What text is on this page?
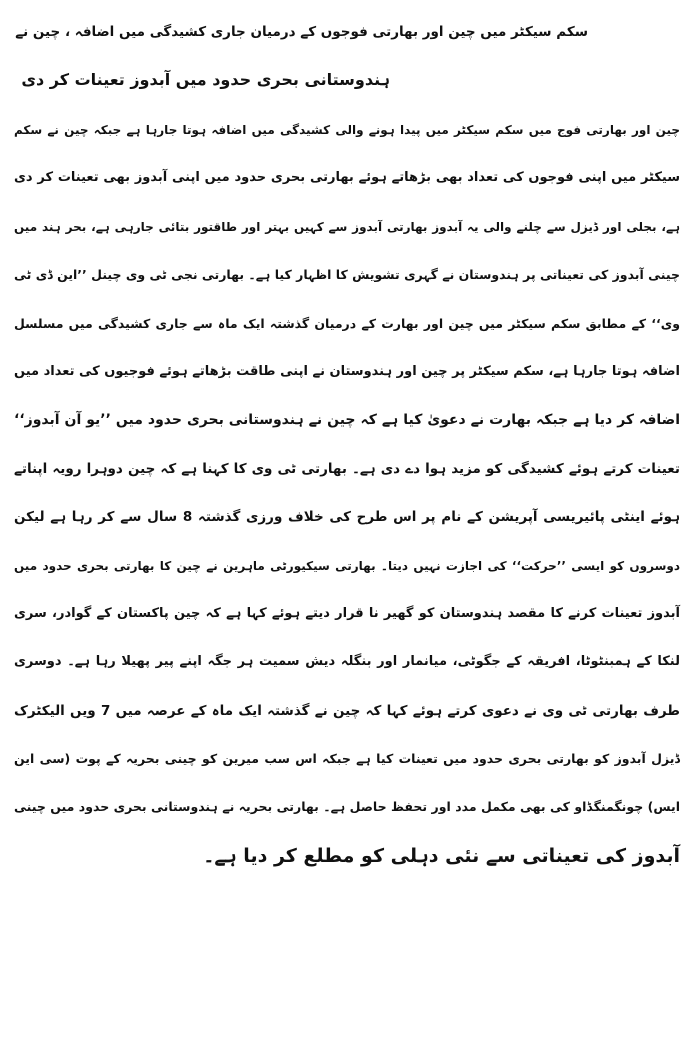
سکم سیکٹر میں چین اور بھارتی فوجوں کے درمیان جاری کشیدگی میں اضافہ ، چین نے
ہندوستانی بحری حدود میں آبدوز تعینات کر دی
چین اور بھارتی فوج میں سکم سیکٹر میں پیدا ہونے والی کشیدگی میں اضافہ ہوتا جارہا ہے جبکہ چین نے سکم
سیکٹر میں اپنی فوجوں کی تعداد بھی بڑھاتے ہوئے بھارتی بحری حدود میں اپنی آبدوز بھی تعینات کر دی
ہے، بجلی اور ڈیزل سے چلنے والی یہ آبدوز بھارتی آبدوز سے کہیں بہتر اور طاقتور بتائی جارہی ہے، بحر ہند میں
چینی آبدوز کی تعیناتی پر ہندوستان نے گہری تشویش کا اظہار کیا ہے۔ بھارتی نجی ٹی وی چینل ’’این ڈی ٹی
وی‘‘ کے مطابق سکم سیکٹر میں چین اور بھارت کے درمیان گذشتہ ایک ماہ سے جاری کشیدگی میں مسلسل
اضافہ ہوتا جارہا ہے، سکم سیکٹر پر چین اور ہندوستان نے اپنی طاقت بڑھاتے ہوئے فوجیوں کی تعداد میں
اضافہ کر دیا ہے جبکہ بھارت نے دعویٰ کیا ہے کہ چین نے ہندوستانی بحری حدود میں ’’یو آن آبدوز‘‘
تعینات کرتے ہوئے کشیدگی کو مزید ہوا دے دی ہے۔ بھارتی ٹی وی کا کہنا ہے کہ چین دوہرا رویہ اپناتے
ہوئے اینٹی پائیریسی آپریشن کے نام پر اس طرح کی خلاف ورزی گذشتہ 8 سال سے کر رہا ہے لیکن
دوسروں کو ایسی ’’حرکت‘‘ کی اجازت نہیں دیتا۔ بھارتی سیکیورٹی ماہرین نے چین کا بھارتی بحری حدود میں
آبدوز تعینات کرنے کا مقصد ہندوستان کو گھیر نا قرار دیتے ہوئے کہا ہے کہ چین پاکستان کے گوادر، سری
لنکا کے ہمبنٹوٹا، افریقہ کے جگوٹی، میانمار اور بنگلہ دیش سمیت ہر جگہ اپنے پیر پھیلا رہا ہے۔ دوسری
طرف بھارتی ٹی وی نے دعوی کرتے ہوئے کہا کہ چین نے گذشتہ ایک ماہ کے عرصہ میں 7 ویں الیکٹرک
ڈیزل آبدوز کو بھارتی بحری حدود میں تعینات کیا ہے جبکہ اس سب میرین کو چینی بحریہ کے پوت (سی این
ایس) چونگمنگڈاو کی بھی مکمل مدد اور تحفظ حاصل ہے۔ بھارتی بحریہ نے ہندوستانی بحری حدود میں چینی
آبدوز کی تعیناتی سے نئی دہلی کو مطلع کر دیا ہے۔
